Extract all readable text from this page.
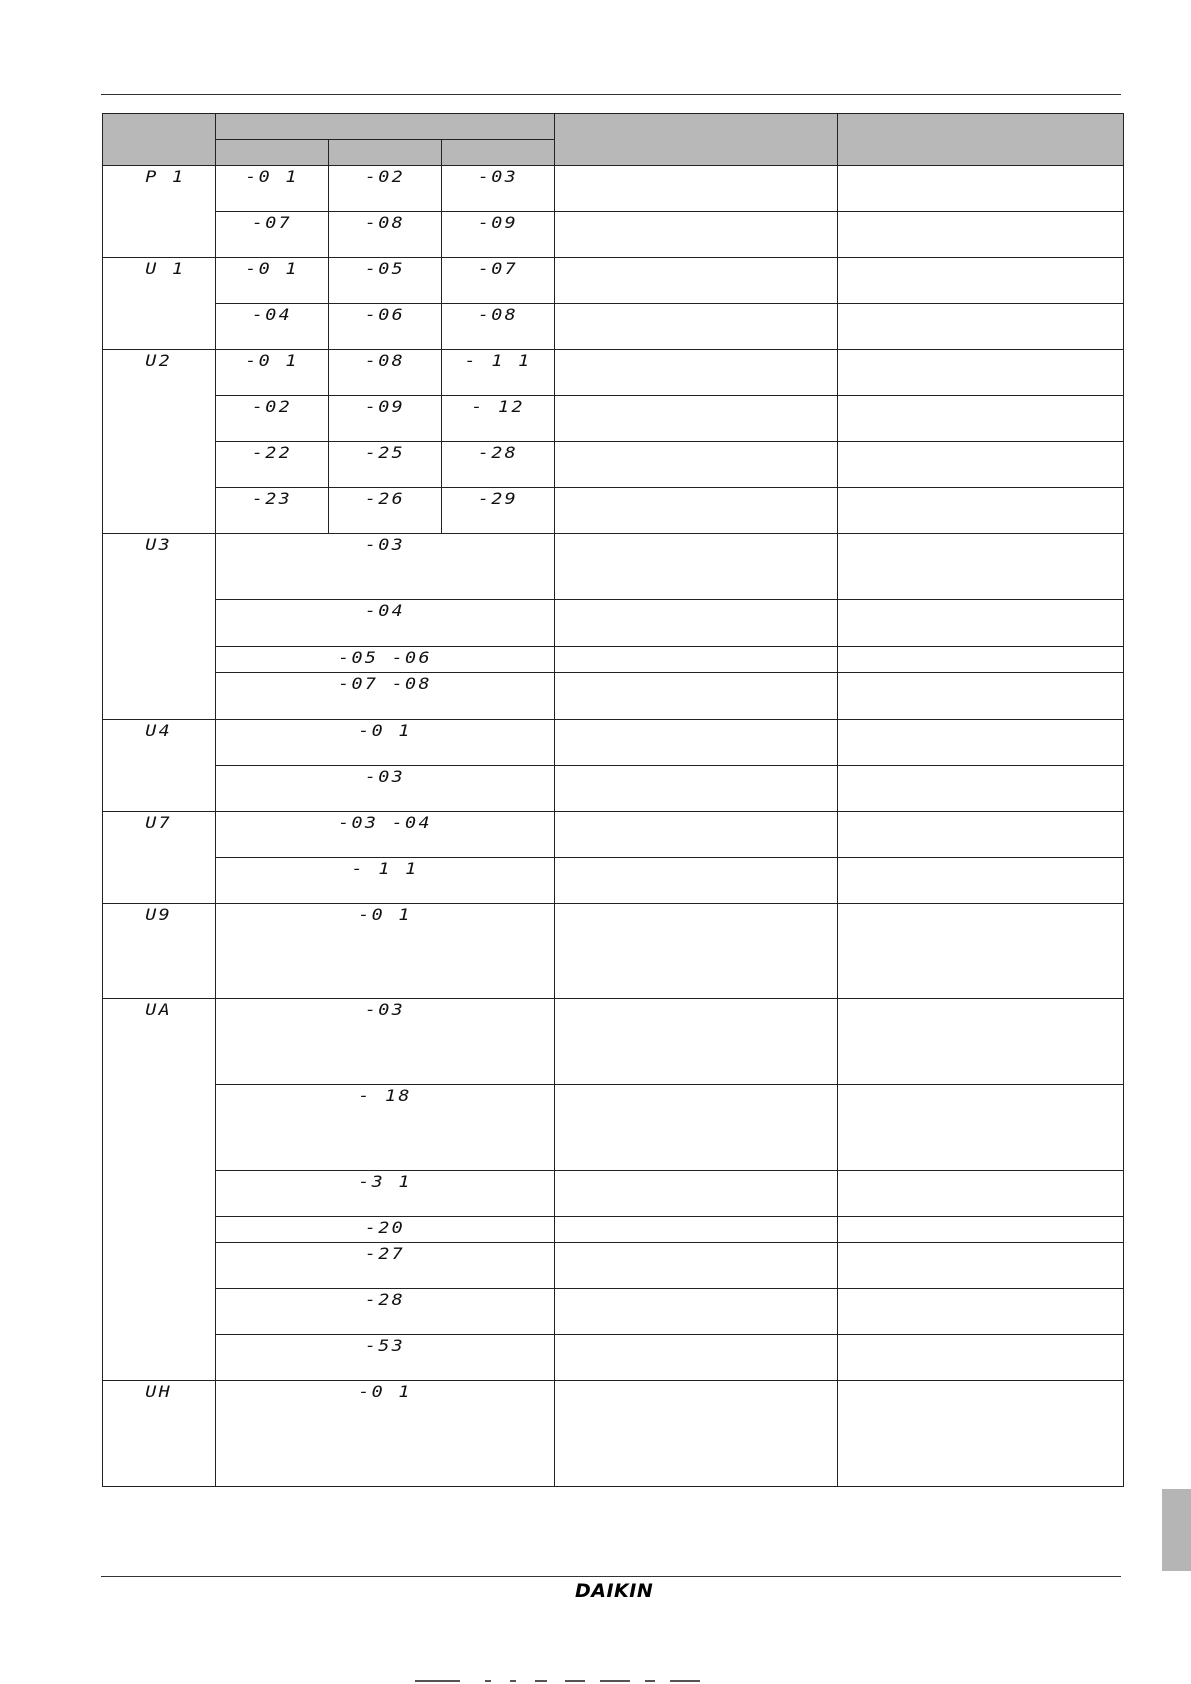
P 1	-0 1	-02	-03		

	-07	-08	-09		

U 1	-0 1	-05	-07		

	-04	-06	-08		

U2	-0 1	-08	- 1 1		

	-02	-09	- 12		

	-22	-25	-28		

	-23	-26	-29		

U3	-03				

	-04				

	-05 -06				

	-07 -08				

U4	-0 1				

	-03				

U7	-03 -04				

	- 1 1				

U9	-0 1				

UA	-03				

	- 18				

	-3 1				

	-20				

	-27				

	-28				

	-53				

UH	-0 1				

DAIKIN
